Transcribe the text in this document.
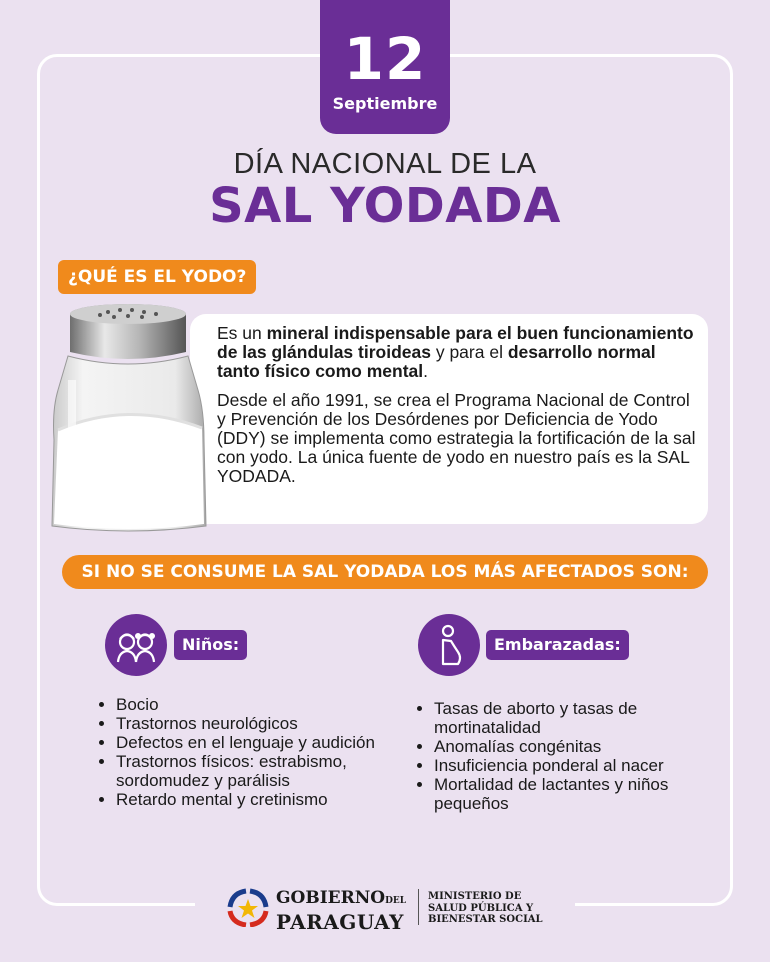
12
Septiembre
DÍA NACIONAL DE LA
SAL YODADA
¿QUÉ ES EL YODO?

Es un mineral indispensable para el buen funcionamiento de las glándulas tiroideas y para el desarrollo normal tanto físico como mental.

Desde el año 1991, se crea el Programa Nacional de Control y Prevención de los Desórdenes por Deficiencia de Yodo (DDY) se implementa como estrategia la fortificación de la sal con yodo. La única fuente de yodo en nuestro país es la SAL YODADA.

SI NO SE CONSUME LA SAL YODADA LOS MÁS AFECTADOS SON:
Niños:
• Bocio
• Trastornos neurológicos
• Defectos en el lenguaje y audición
• Trastornos físicos: estrabismo, sordomudez y parálisis
• Retardo mental y cretinismo
Embarazadas:
• Tasas de aborto y tasas de mortinatalidad
• Anomalías congénitas
• Insuficiencia ponderal al nacer
• Mortalidad de lactantes y niños pequeños
GOBIERNODEL
PARAGUAY
MINISTERIO DE
SALUD PÚBLICA Y
BIENESTAR SOCIAL
